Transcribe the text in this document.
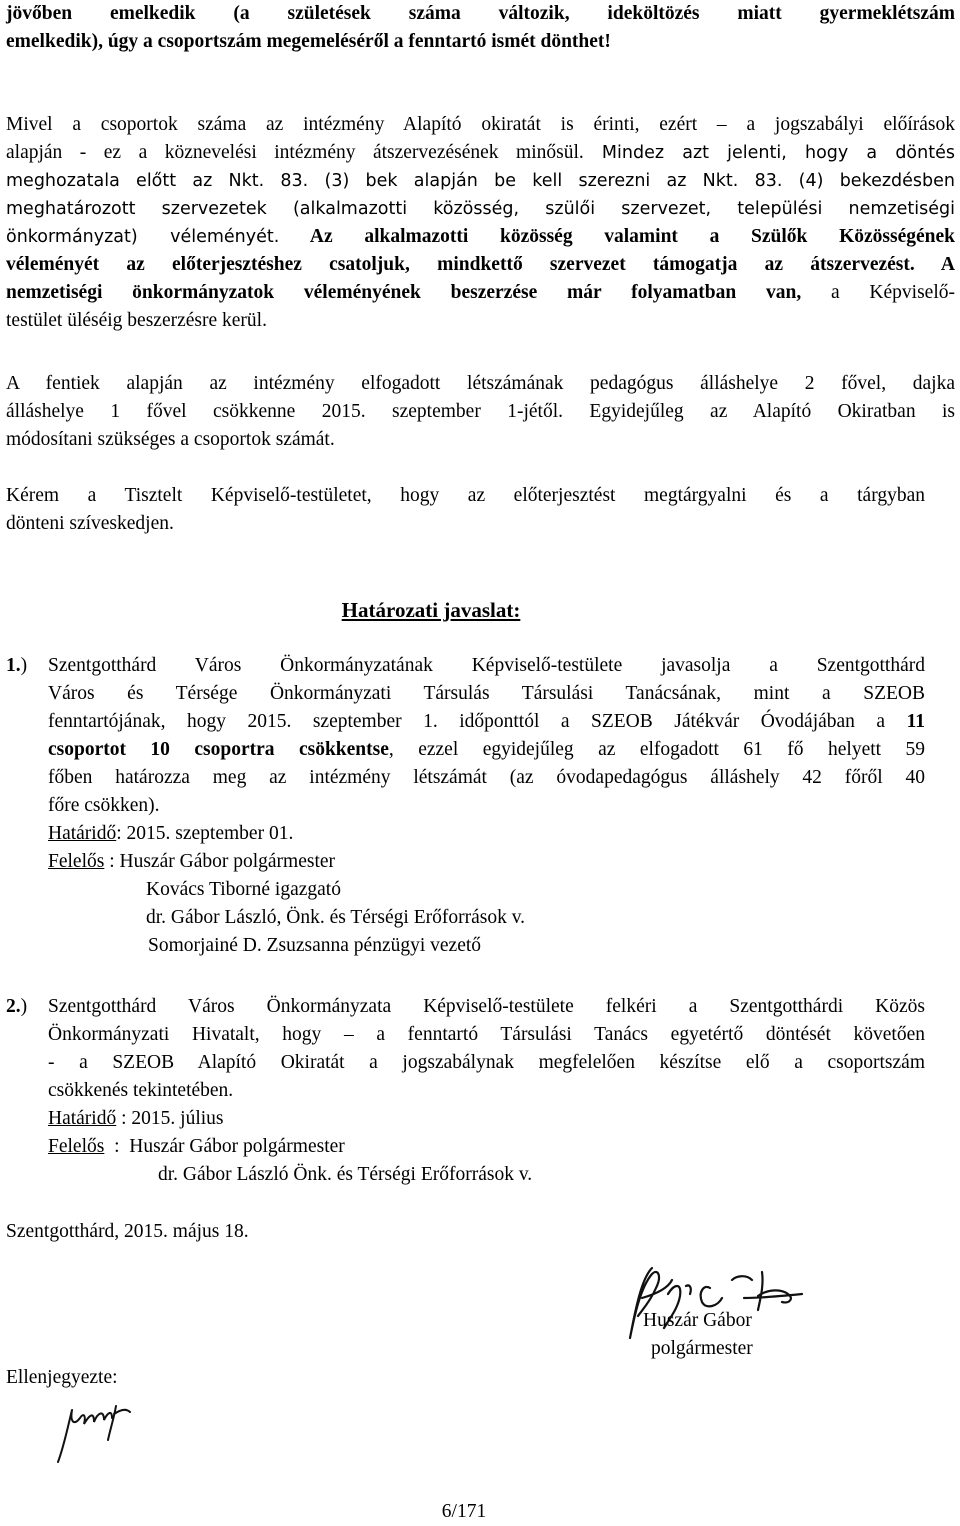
jövőben emelkedik (a születések száma változik, ideköltözés miatt gyermeklétszám
emelkedik), úgy a csoportszám megemeléséről a fenntartó ismét dönthet!
Mivel a csoportok száma az intézmény Alapító okiratát is érinti, ezért – a jogszabályi előírások
alapján - ez a köznevelési intézmény átszervezésének minősül. Mindez azt jelenti, hogy a döntés
meghozatala előtt az Nkt. 83. (3) bek alapján be kell szerezni az Nkt. 83. (4) bekezdésben
meghatározott szervezetek (alkalmazotti közösség, szülői szervezet, települési nemzetiségi
önkormányzat) véleményét. Az alkalmazotti közösség valamint a Szülők Közösségének
véleményét az előterjesztéshez csatoljuk, mindkettő szervezet támogatja az átszervezést. A
nemzetiségi önkormányzatok véleményének beszerzése már folyamatban van, a Képviselő-
testület üléséig beszerzésre kerül.
A fentiek alapján az intézmény elfogadott létszámának pedagógus álláshelye 2 fővel, dajka
álláshelye 1 fővel csökkenne 2015. szeptember 1-jétől. Egyidejűleg az Alapító Okiratban is
módosítani szükséges a csoportok számát.
Kérem a Tisztelt Képviselő-testületet, hogy az előterjesztést megtárgyalni és a tárgyban
dönteni szíveskedjen.
Határozati javaslat:
1.) Szentgotthárd Város Önkormányzatának Képviselő-testülete javasolja a Szentgotthárd
Város és Térsége Önkormányzati Társulás Társulási Tanácsának, mint a SZEOB
fenntartójának, hogy 2015. szeptember 1. időponttól a SZEOB Játékvár Óvodájában a 11
csoportot 10 csoportra csökkentse, ezzel egyidejűleg az elfogadott 61 fő helyett 59
főben határozza meg az intézmény létszámát (az óvodapedagógus álláshely 42 főről 40
főre csökken).
Határidő: 2015. szeptember 01.
Felelős : Huszár Gábor polgármester
Kovács Tiborné igazgató
dr. Gábor László, Önk. és Térségi Erőforrások v.
Somorjainé D. Zsuzsanna pénzügyi vezető
2.) Szentgotthárd Város Önkormányzata Képviselő-testülete felkéri a Szentgotthárdi Közös
Önkormányzati Hivatalt, hogy – a fenntartó Társulási Tanács egyetértő döntését követően
- a SZEOB Alapító Okiratát a jogszabálynak megfelelően készítse elő a csoportszám
csökkenés tekintetében.
Határidő : 2015. július
Felelős  :  Huszár Gábor polgármester
dr. Gábor László Önk. és Térségi Erőforrások v.
Szentgotthárd, 2015. május 18.
Huszár Gábor
polgármester
Ellenjegyezte:
6/171
